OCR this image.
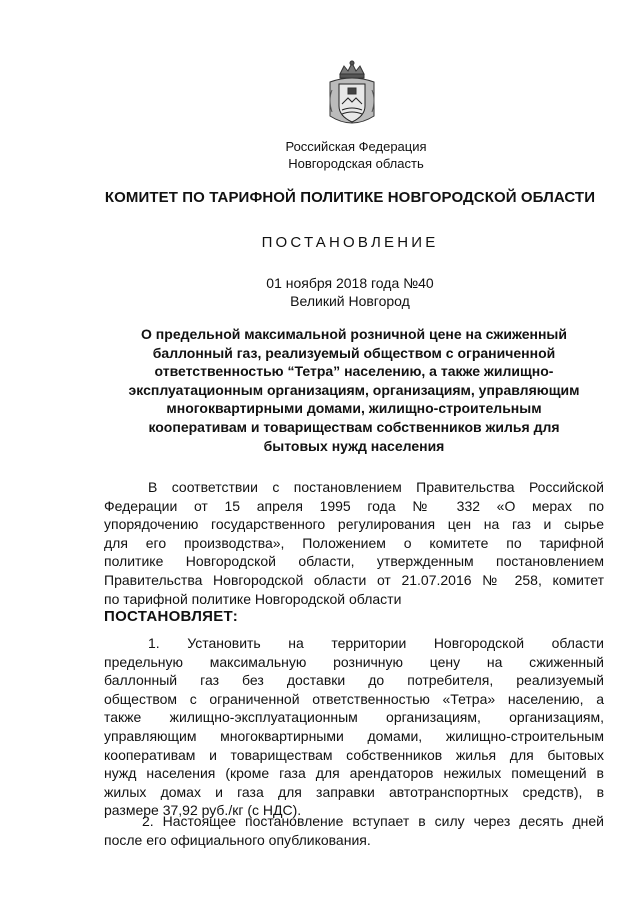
Российская Федерация
Новгородская область
КОМИТЕТ ПО ТАРИФНОЙ ПОЛИТИКЕ НОВГОРОДСКОЙ ОБЛАСТИ
ПОСТАНОВЛЕНИЕ
01 ноября 2018 года №40
Великий Новгород
О предельной максимальной розничной цене на сжиженный
баллонный газ, реализуемый обществом с ограниченной
ответственностью “Тетра” населению, а также жилищно-
эксплуатационным организациям, организациям, управляющим
многоквартирными домами, жилищно-строительным
кооперативам и товариществам собственников жилья для
бытовых нужд населения
В соответствии с постановлением Правительства Российской
Федерации от 15 апреля 1995 года № 332 «О мерах по
упорядочению государственного регулирования цен на газ и сырье
для его производства», Положением о комитете по тарифной
политике Новгородской области, утвержденным постановлением
Правительства Новгородской области от 21.07.2016 № 258, комитет
по тарифной политике Новгородской области
ПОСТАНОВЛЯЕТ:
1. Установить на территории Новгородской области
предельную максимальную розничную цену на сжиженный
баллонный газ без доставки до потребителя, реализуемый
обществом с ограниченной ответственностью «Тетра» населению, а
также жилищно-эксплуатационным организациям, организациям,
управляющим многоквартирными домами, жилищно-строительным
кооперативам и товариществам собственников жилья для бытовых
нужд населения (кроме газа для арендаторов нежилых помещений в
жилых домах и газа для заправки автотранспортных средств), в
размере 37,92 руб./кг (с НДС).
2. Настоящее постановление вступает в силу через десять дней
после его официального опубликования.
